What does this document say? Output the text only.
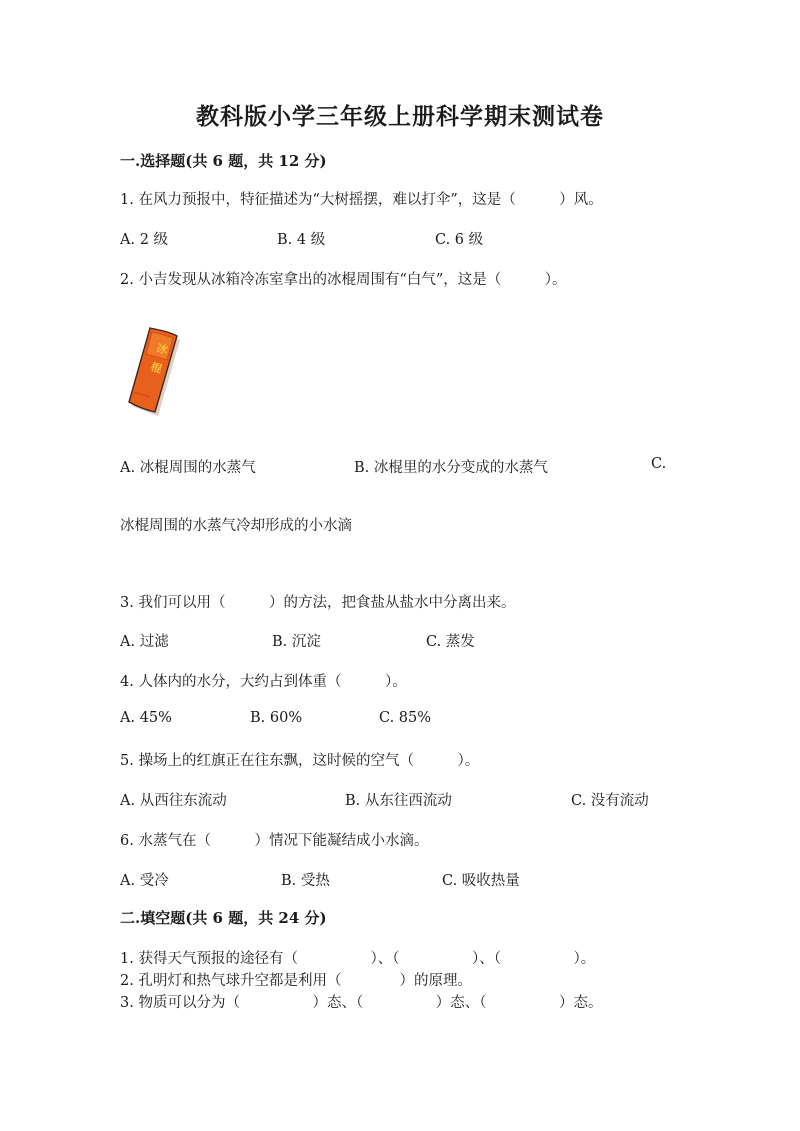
教科版小学三年级上册科学期末测试卷
一.选择题(共 6 题，共 12 分)
1. 在风力预报中，特征描述为“大树摇摆，难以打伞”，这是（　　　）风。
A. 2 级	B. 4 级	C. 6 级
2. 小吉发现从冰箱冷冻室拿出的冰棍周围有“白气”，这是（　　　）。
冰
棍
A. 冰棍周围的水蒸气	B. 冰棍里的水分变成的水蒸气	C.
冰棍周围的水蒸气冷却形成的小水滴
3. 我们可以用（　　　）的方法，把食盐从盐水中分离出来。
A. 过滤	B. 沉淀	C. 蒸发
4. 人体内的水分，大约占到体重（　　　）。
A. 45%	B. 60%	C. 85%
5. 操场上的红旗正在往东飘，这时候的空气（　　　）。
A. 从西往东流动	B. 从东往西流动	C. 没有流动
6. 水蒸气在（　　　）情况下能凝结成小水滴。
A. 受冷	B. 受热	C. 吸收热量
二.填空题(共 6 题，共 24 分)
1. 获得天气预报的途径有（　　　　　）、（　　　　　）、（　　　　　）。
2. 孔明灯和热气球升空都是利用（　　　　）的原理。
3. 物质可以分为（　　　　　）态、（　　　　　）态、（　　　　　）态。
